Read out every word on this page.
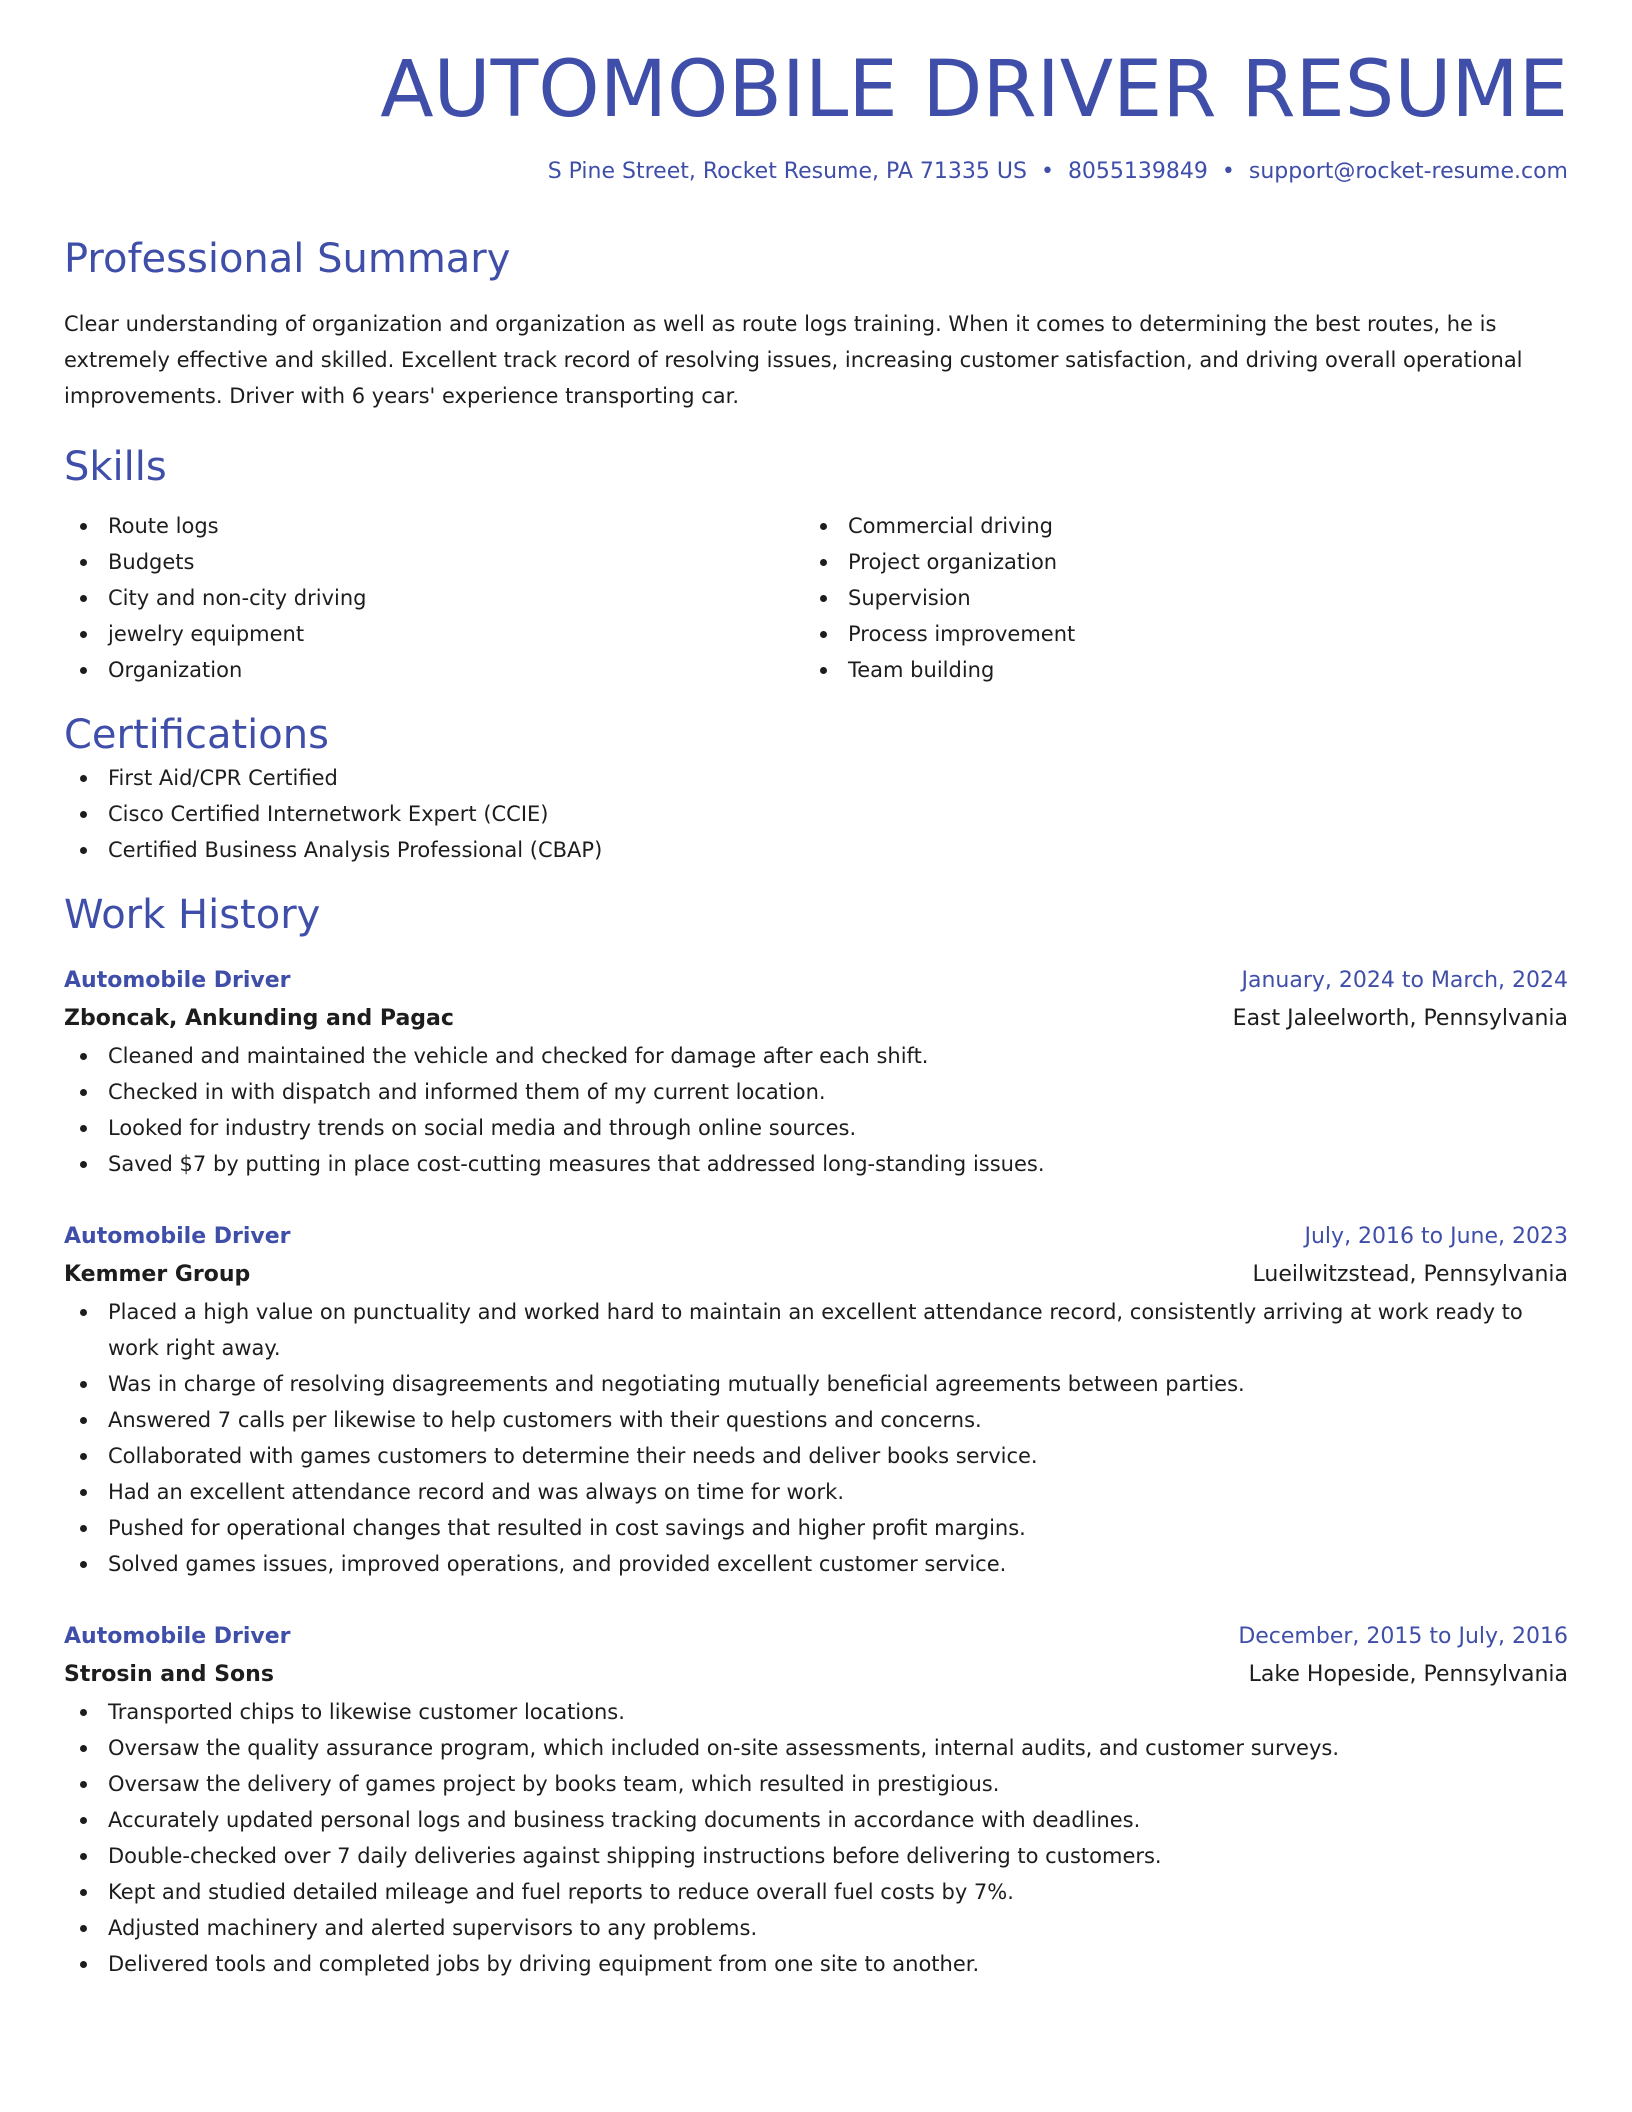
AUTOMOBILE DRIVER RESUME
S Pine Street, Rocket Resume, PA 71335 US • 8055139849 • support@rocket-resume.com
Professional Summary
Clear understanding of organization and organization as well as route logs training. When it comes to determining the best routes, he is extremely effective and skilled. Excellent track record of resolving issues, increasing customer satisfaction, and driving overall operational improvements. Driver with 6 years' experience transporting car.
Skills
Route logs
Budgets
City and non-city driving
jewelry equipment
Organization
Commercial driving
Project organization
Supervision
Process improvement
Team building
Certifications
First Aid/CPR Certified
Cisco Certified Internetwork Expert (CCIE)
Certified Business Analysis Professional (CBAP)
Work History
Automobile Driver	January, 2024 to March, 2024
Zboncak, Ankunding and Pagac	East Jaleelworth, Pennsylvania
Cleaned and maintained the vehicle and checked for damage after each shift.
Checked in with dispatch and informed them of my current location.
Looked for industry trends on social media and through online sources.
Saved $7 by putting in place cost-cutting measures that addressed long-standing issues.
Automobile Driver	July, 2016 to June, 2023
Kemmer Group	Lueilwitzstead, Pennsylvania
Placed a high value on punctuality and worked hard to maintain an excellent attendance record, consistently arriving at work ready to work right away.
Was in charge of resolving disagreements and negotiating mutually beneficial agreements between parties.
Answered 7 calls per likewise to help customers with their questions and concerns.
Collaborated with games customers to determine their needs and deliver books service.
Had an excellent attendance record and was always on time for work.
Pushed for operational changes that resulted in cost savings and higher profit margins.
Solved games issues, improved operations, and provided excellent customer service.
Automobile Driver	December, 2015 to July, 2016
Strosin and Sons	Lake Hopeside, Pennsylvania
Transported chips to likewise customer locations.
Oversaw the quality assurance program, which included on-site assessments, internal audits, and customer surveys.
Oversaw the delivery of games project by books team, which resulted in prestigious.
Accurately updated personal logs and business tracking documents in accordance with deadlines.
Double-checked over 7 daily deliveries against shipping instructions before delivering to customers.
Kept and studied detailed mileage and fuel reports to reduce overall fuel costs by 7%.
Adjusted machinery and alerted supervisors to any problems.
Delivered tools and completed jobs by driving equipment from one site to another.
